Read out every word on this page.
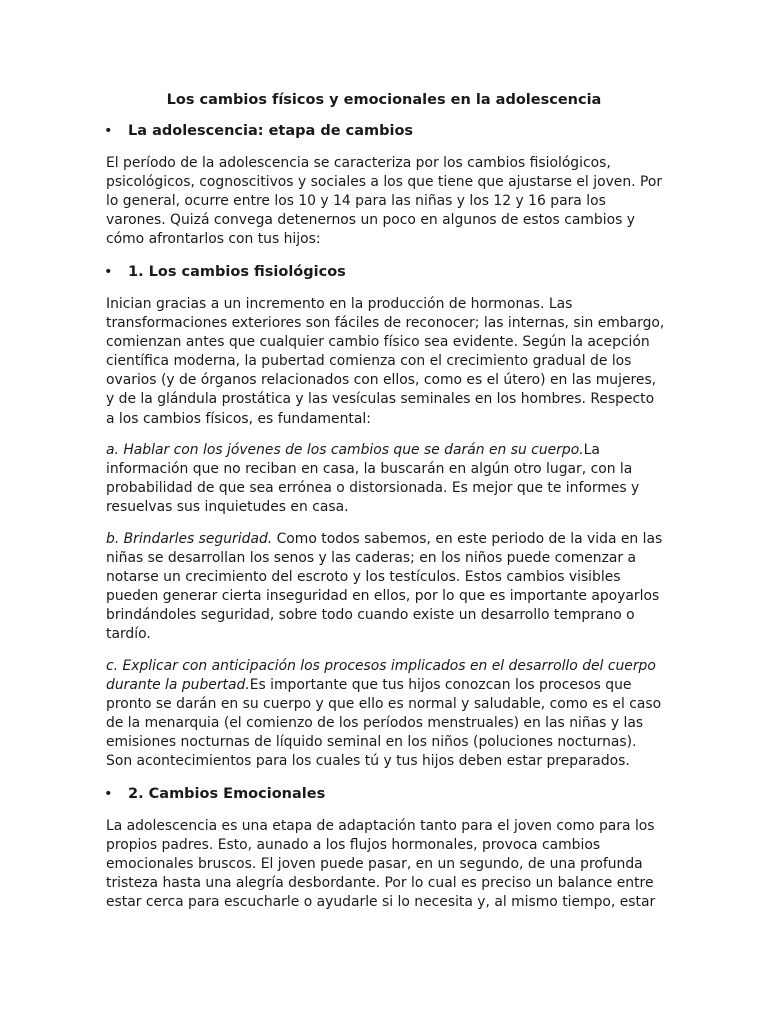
Los cambios físicos y emocionales en la adolescencia
• La adolescencia: etapa de cambios
El período de la adolescencia se caracteriza por los cambios fisiológicos, psicológicos, cognoscitivos y sociales a los que tiene que ajustarse el joven. Por lo general, ocurre entre los 10 y 14 para las niñas y los 12 y 16 para los varones. Quizá convega detenernos un poco en algunos de estos cambios y cómo afrontarlos con tus hijos:
• 1. Los cambios fisiológicos
Inician gracias a un incremento en la producción de hormonas. Las transformaciones exteriores son fáciles de reconocer; las internas, sin embargo, comienzan antes que cualquier cambio físico sea evidente. Según la acepción científica moderna, la pubertad comienza con el crecimiento gradual de los ovarios (y de órganos relacionados con ellos, como es el útero) en las mujeres, y de la glándula prostática y las vesículas seminales en los hombres. Respecto a los cambios físicos, es fundamental:
a. Hablar con los jóvenes de los cambios que se darán en su cuerpo.La información que no reciban en casa, la buscarán en algún otro lugar, con la probabilidad de que sea errónea o distorsionada. Es mejor que te informes y resuelvas sus inquietudes en casa.
b. Brindarles seguridad. Como todos sabemos, en este periodo de la vida en las niñas se desarrollan los senos y las caderas; en los niños puede comenzar a notarse un crecimiento del escroto y los testículos. Estos cambios visibles pueden generar cierta inseguridad en ellos, por lo que es importante apoyarlos brindándoles seguridad, sobre todo cuando existe un desarrollo temprano o tardío.
c. Explicar con anticipación los procesos implicados en el desarrollo del cuerpo durante la pubertad.Es importante que tus hijos conozcan los procesos que pronto se darán en su cuerpo y que ello es normal y saludable, como es el caso de la menarquia (el comienzo de los períodos menstruales) en las niñas y las emisiones nocturnas de líquido seminal en los niños (poluciones nocturnas). Son acontecimientos para los cuales tú y tus hijos deben estar preparados.
• 2. Cambios Emocionales
La adolescencia es una etapa de adaptación tanto para el joven como para los propios padres. Esto, aunado a los flujos hormonales, provoca cambios emocionales bruscos. El joven puede pasar, en un segundo, de una profunda tristeza hasta una alegría desbordante. Por lo cual es preciso un balance entre estar cerca para escucharle o ayudarle si lo necesita y, al mismo tiempo, estar
